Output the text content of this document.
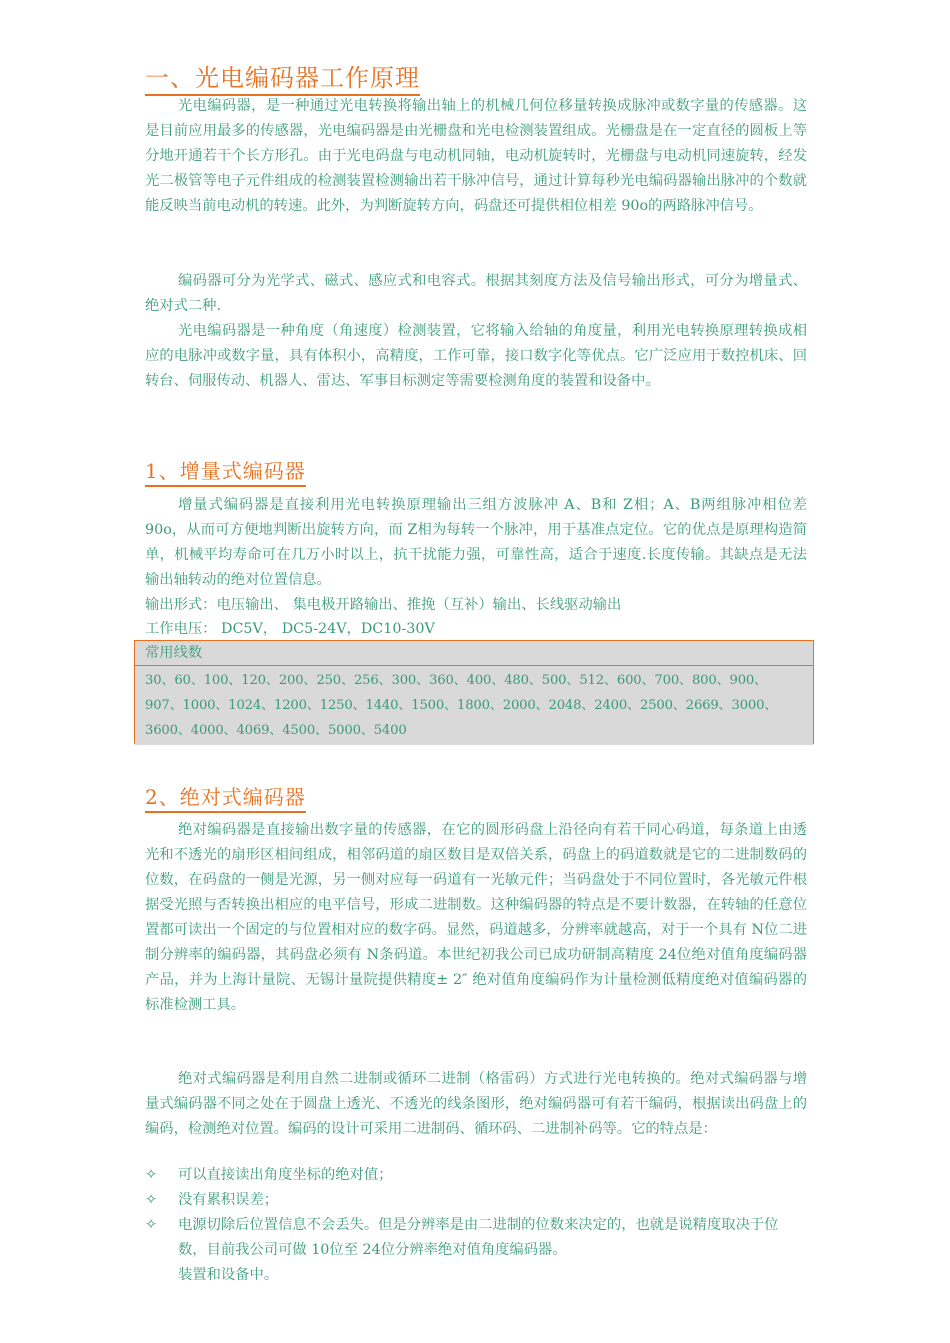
一、光电编码器工作原理

光电编码器，是一种通过光电转换将输出轴上的机械几何位移量转换成脉冲或数字量的传感器。这是目前应用最多的传感器，光电编码器是由光栅盘和光电检测装置组成。光栅盘是在一定直径的圆板上等分地开通若干个长方形孔。由于光电码盘与电动机同轴，电动机旋转时，光栅盘与电动机同速旋转，经发光二极管等电子元件组成的检测装置检测输出若干脉冲信号，通过计算每秒光电编码器输出脉冲的个数就能反映当前电动机的转速。此外，为判断旋转方向，码盘还可提供相位相差 90o的两路脉冲信号。

编码器可分为光学式、磁式、感应式和电容式。根据其刻度方法及信号输出形式，可分为增量式、绝对式二种.

光电编码器是一种角度（角速度）检测装置，它将输入给轴的角度量，利用光电转换原理转换成相应的电脉冲或数字量，具有体积小，高精度，工作可靠，接口数字化等优点。它广泛应用于数控机床、回转台、伺服传动、机器人、雷达、军事目标测定等需要检测角度的装置和设备中。

1、增量式编码器

增量式编码器是直接利用光电转换原理输出三组方波脉冲 A、B和 Z相；A、B两组脉冲相位差 90o，从而可方便地判断出旋转方向，而 Z相为每转一个脉冲，用于基准点定位。它的优点是原理构造简单，机械平均寿命可在几万小时以上，抗干扰能力强，可靠性高，适合于速度.长度传输。其缺点是无法输出轴转动的绝对位置信息。

输出形式：电压输出、 集电极开路输出、推挽（互补）输出、长线驱动输出

工作电压： DC5V， DC5-24V，DC10-30V

常用线数
30、60、100、120、200、250、256、300、360、400、480、500、512、600、700、800、900、
907、1000、1024、1200、1250、1440、1500、1800、2000、2048、2400、2500、2669、3000、
3600、4000、4069、4500、5000、5400
2、绝对式编码器

绝对编码器是直接输出数字量的传感器，在它的圆形码盘上沿径向有若干同心码道，每条道上由透光和不透光的扇形区相间组成，相邻码道的扇区数目是双倍关系，码盘上的码道数就是它的二进制数码的位数，在码盘的一侧是光源，另一侧对应每一码道有一光敏元件；当码盘处于不同位置时，各光敏元件根据受光照与否转换出相应的电平信号，形成二进制数。这种编码器的特点是不要计数器，在转轴的任意位置都可读出一个固定的与位置相对应的数字码。显然，码道越多，分辨率就越高，对于一个具有 N位二进制分辨率的编码器，其码盘必须有 N条码道。本世纪初我公司已成功研制高精度 24位绝对值角度编码器产品，并为上海计量院、无锡计量院提供精度± 2″ 绝对值角度编码作为计量检测低精度绝对值编码器的标准检测工具。

绝对式编码器是利用自然二进制或循环二进制（格雷码）方式进行光电转换的。绝对式编码器与增量式编码器不同之处在于圆盘上透光、不透光的线条图形，绝对编码器可有若干编码，根据读出码盘上的编码，检测绝对位置。编码的设计可采用二进制码、循环码、二进制补码等。它的特点是：

✧ 可以直接读出角度坐标的绝对值；
✧ 没有累积误差；
✧ 电源切除后位置信息不会丢失。但是分辨率是由二进制的位数来决定的，也就是说精度取决于位数，目前我公司可做 10位至 24位分辨率绝对值角度编码器。
装置和设备中。
